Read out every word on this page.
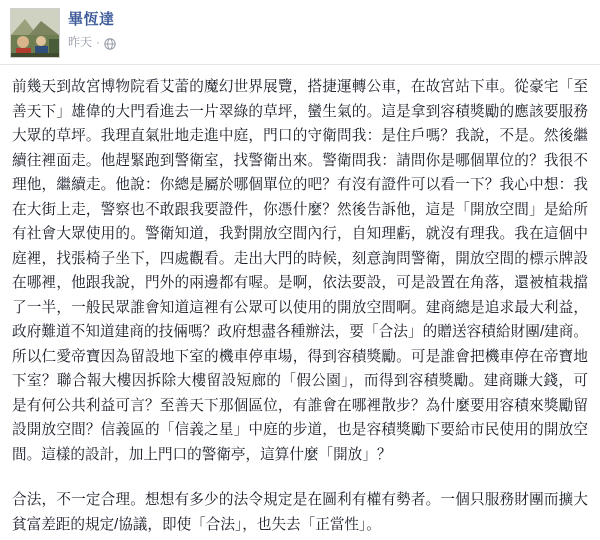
畢恆達
昨天 ·
前幾天到故宮博物院看艾蕾的魔幻世界展覽，搭捷運轉公車，在故宮站下車。從豪宅「至善天下」雄偉的大門看進去一片翠綠的草坪，蠻生氣的。這是拿到容積獎勵的應該要服務大眾的草坪。我理直氣壯地走進中庭，門口的守衛問我：是住戶嗎？我說，不是。然後繼續往裡面走。他趕緊跑到警衛室，找警衛出來。警衛問我：請問你是哪個單位的？我很不理他，繼續走。他說：你總是屬於哪個單位的吧？有沒有證件可以看一下？我心中想：我在大街上走，警察也不敢跟我要證件，你憑什麼？然後告訴他，這是「開放空間」是給所有社會大眾使用的。警衛知道，我對開放空間內行，自知理虧，就沒有理我。我在這個中庭裡，找張椅子坐下，四處觀看。走出大門的時候，刻意詢問警衛，開放空間的標示牌設在哪裡，他跟我說，門外的兩邊都有喔。是啊，依法要設，可是設置在角落，還被植栽擋了一半，一般民眾誰會知道這裡有公眾可以使用的開放空間啊。建商總是追求最大利益，政府難道不知道建商的技倆嗎？政府想盡各種辦法，要「合法」的贈送容積給財團/建商。所以仁愛帝寶因為留設地下室的機車停車場，得到容積獎勵。可是誰會把機車停在帝寶地下室？聯合報大樓因拆除大樓留設短廊的「假公園」，而得到容積獎勵。建商賺大錢，可是有何公共利益可言？至善天下那個區位，有誰會在哪裡散步？為什麼要用容積來獎勵留設開放空間？信義區的「信義之星」中庭的步道，也是容積獎勵下要給市民使用的開放空間。這樣的設計，加上門口的警衛亭，這算什麼「開放」？
合法，不一定合理。想想有多少的法令規定是在圖利有權有勢者。一個只服務財團而擴大貧富差距的規定/協議，即使「合法」，也失去「正當性」。
